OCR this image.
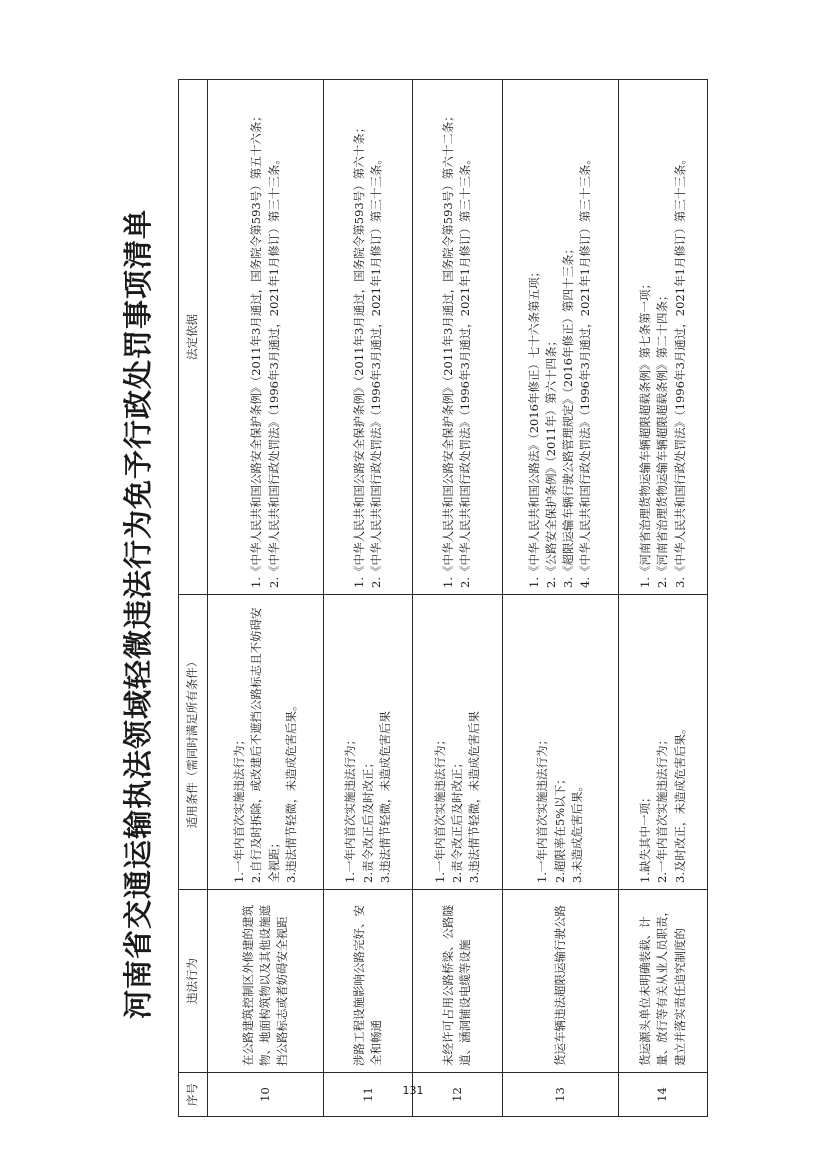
河南省交通运输执法领域轻微违法行为免予行政处罚事项清单
序号	违法行为	适用条件（需同时满足所有条件）	法定依据
10	在公路建筑控制区外修建的建筑物、地面构筑物以及其他设施遮挡公路标志或者妨碍安全视距	1.一年内首次实施违法行为； 2.自行及时拆除，或改建后不遮挡公路标志且不妨碍安全视距； 3.违法情节轻微，未造成危害后果。	1.《中华人民共和国公路安全保护条例》（2011年3月通过，国务院令第593号）第五十六条； 2.《中华人民共和国行政处罚法》（1996年3月通过，2021年1月修订）第三十三条。

11	涉路工程设施影响公路完好、安全和畅通	1.一年内首次实施违法行为； 2.责令改正后及时改正； 3.违法情节轻微，未造成危害后果	1.《中华人民共和国公路安全保护条例》（2011年3月通过，国务院令第593号）第六十条； 2.《中华人民共和国行政处罚法》（1996年3月通过，2021年1月修订）第三十三条。

12	未经许可占用公路桥梁、公路隧道、涵洞铺设电缆等设施	1.一年内首次实施违法行为； 2.责令改正后及时改正； 3.违法情节轻微，未造成危害后果	1.《中华人民共和国公路安全保护条例》（2011年3月通过，国务院令第593号）第六十二条； 2.《中华人民共和国行政处罚法》（1996年3月通过，2021年1月修订）第三十三条。

13	货运车辆违法超限运输行驶公路	1.一年内首次实施违法行为； 2.超限率在5%以下； 3.未造成危害后果。	1.《中华人民共和国公路法》（2016年修正）七十六条第五项； 2.《公路安全保护条例》（2011年）第六十四条； 3.《超限运输车辆行驶公路管理规定》（2016年修正）第四十三条； 4.《中华人民共和国行政处罚法》（1996年3月通过，2021年1月修订）第三十三条。

14	货运源头单位未明确装载、计量、放行等有关从业人员职责，建立并落实责任追究制度的	1.缺失其中一项； 2.一年内首次实施违法行为； 3.及时改正，未造成危害后果。	1.《河南省治理货物运输车辆超限超载条例》第七条第一项； 2.《河南省治理货物运输车辆超限超载条例》第二十四条； 3.《中华人民共和国行政处罚法》（1996年3月通过，2021年1月修订）第三十三条。
131
